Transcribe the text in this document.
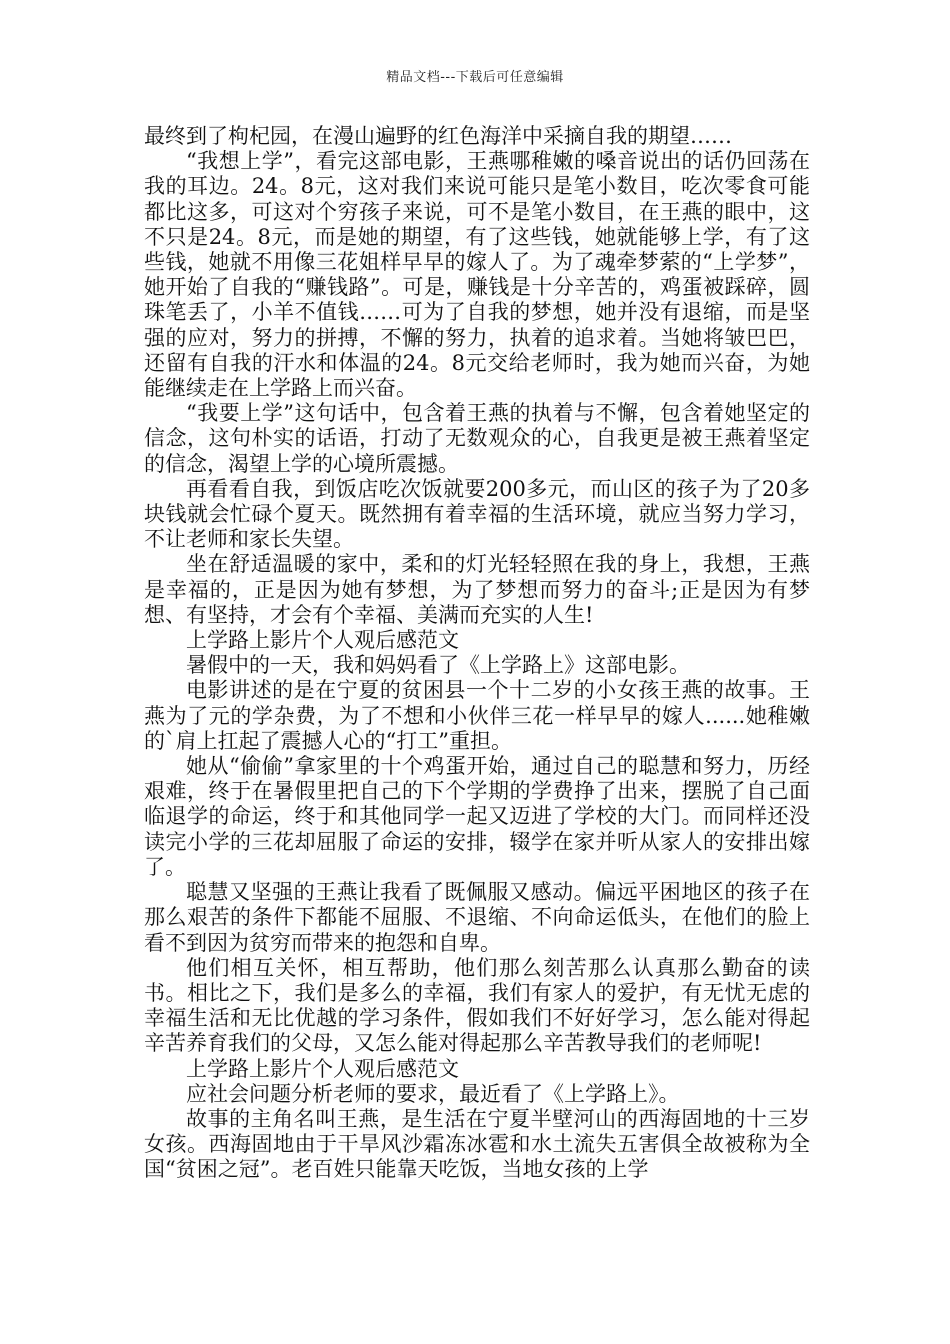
精品文档---下载后可任意编辑

最终到了枸杞园，在漫山遍野的红色海洋中采摘自我的期望……

“我想上学”，看完这部电影，王燕哪稚嫩的嗓音说出的话仍回荡在我的耳边。24。8元，这对我们来说可能只是笔小数目，吃次零食可能都比这多，可这对个穷孩子来说，可不是笔小数目，在王燕的眼中，这不只是24。8元，而是她的期望，有了这些钱，她就能够上学，有了这些钱，她就不用像三花姐样早早的嫁人了。为了魂牵梦萦的“上学梦”，她开始了自我的“赚钱路”。可是，赚钱是十分辛苦的，鸡蛋被踩碎，圆珠笔丢了，小羊不值钱……可为了自我的梦想，她并没有退缩，而是坚强的应对，努力的拼搏，不懈的努力，执着的追求着。当她将皱巴巴，还留有自我的汗水和体温的24。8元交给老师时，我为她而兴奋，为她能继续走在上学路上而兴奋。

“我要上学”这句话中，包含着王燕的执着与不懈，包含着她坚定的信念，这句朴实的话语，打动了无数观众的心，自我更是被王燕着坚定的信念，渴望上学的心境所震撼。

再看看自我，到饭店吃次饭就要200多元，而山区的孩子为了20多块钱就会忙碌个夏天。既然拥有着幸福的生活环境，就应当努力学习，不让老师和家长失望。

坐在舒适温暖的家中，柔和的灯光轻轻照在我的身上，我想，王燕是幸福的，正是因为她有梦想，为了梦想而努力的奋斗;正是因为有梦想、有坚持，才会有个幸福、美满而充实的人生!

上学路上影片个人观后感范文

暑假中的一天，我和妈妈看了《上学路上》这部电影。

电影讲述的是在宁夏的贫困县一个十二岁的小女孩王燕的故事。王燕为了元的学杂费，为了不想和小伙伴三花一样早早的嫁人......她稚嫩的`肩上扛起了震撼人心的“打工”重担。

她从“偷偷”拿家里的十个鸡蛋开始，通过自己的聪慧和努力，历经艰难，终于在暑假里把自己的下个学期的学费挣了出来，摆脱了自己面临退学的命运，终于和其他同学一起又迈进了学校的大门。而同样还没读完小学的三花却屈服了命运的安排，辍学在家并听从家人的安排出嫁了。

聪慧又坚强的王燕让我看了既佩服又感动。偏远平困地区的孩子在那么艰苦的条件下都能不屈服、不退缩、不向命运低头，在他们的脸上看不到因为贫穷而带来的抱怨和自卑。

他们相互关怀，相互帮助，他们那么刻苦那么认真那么勤奋的读书。相比之下，我们是多么的幸福，我们有家人的爱护，有无忧无虑的幸福生活和无比优越的学习条件，假如我们不好好学习，怎么能对得起辛苦养育我们的父母，又怎么能对得起那么辛苦教导我们的老师呢!

上学路上影片个人观后感范文

应社会问题分析老师的要求，最近看了《上学路上》。

故事的主角名叫王燕，是生活在宁夏半壁河山的西海固地的十三岁女孩。西海固地由于干旱风沙霜冻冰雹和水土流失五害俱全故被称为全国“贫困之冠”。老百姓只能靠天吃饭，当地女孩的上学
